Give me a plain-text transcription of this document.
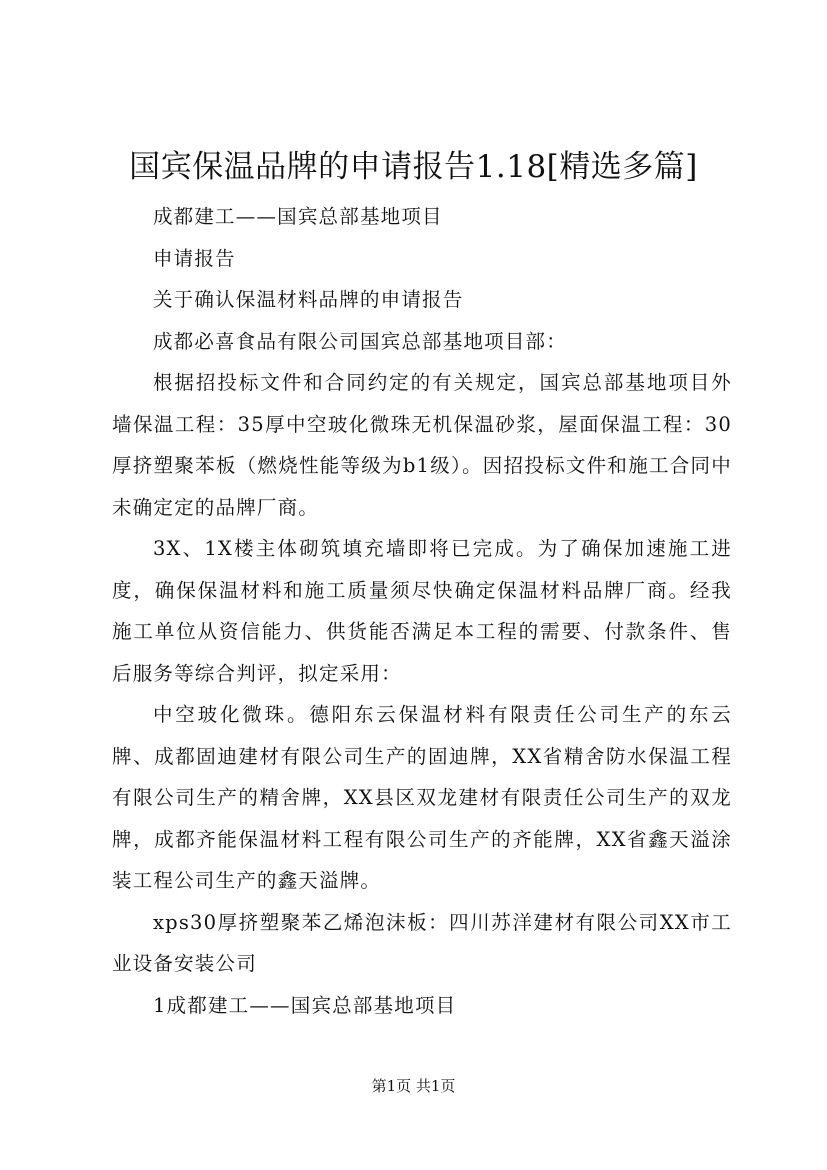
国宾保温品牌的申请报告1.18[精选多篇]

成都建工——国宾总部基地项目

申请报告

关于确认保温材料品牌的申请报告

成都必喜食品有限公司国宾总部基地项目部：

根据招投标文件和合同约定的有关规定，国宾总部基地项目外墙保温工程：35厚中空玻化微珠无机保温砂浆，屋面保温工程：30厚挤塑聚苯板（燃烧性能等级为b1级）。因招投标文件和施工合同中未确定定的品牌厂商。

3X、1X楼主体砌筑填充墙即将已完成。为了确保加速施工进度，确保保温材料和施工质量须尽快确定保温材料品牌厂商。经我施工单位从资信能力、供货能否满足本工程的需要、付款条件、售后服务等综合判评，拟定采用：

中空玻化微珠。德阳东云保温材料有限责任公司生产的东云牌、成都固迪建材有限公司生产的固迪牌，XX省精舍防水保温工程有限公司生产的精舍牌，XX县区双龙建材有限责任公司生产的双龙牌，成都齐能保温材料工程有限公司生产的齐能牌，XX省鑫天溢涂装工程公司生产的鑫天溢牌。

xps30厚挤塑聚苯乙烯泡沫板：四川苏洋建材有限公司XX市工业设备安装公司

1成都建工——国宾总部基地项目

第1页 共1页
